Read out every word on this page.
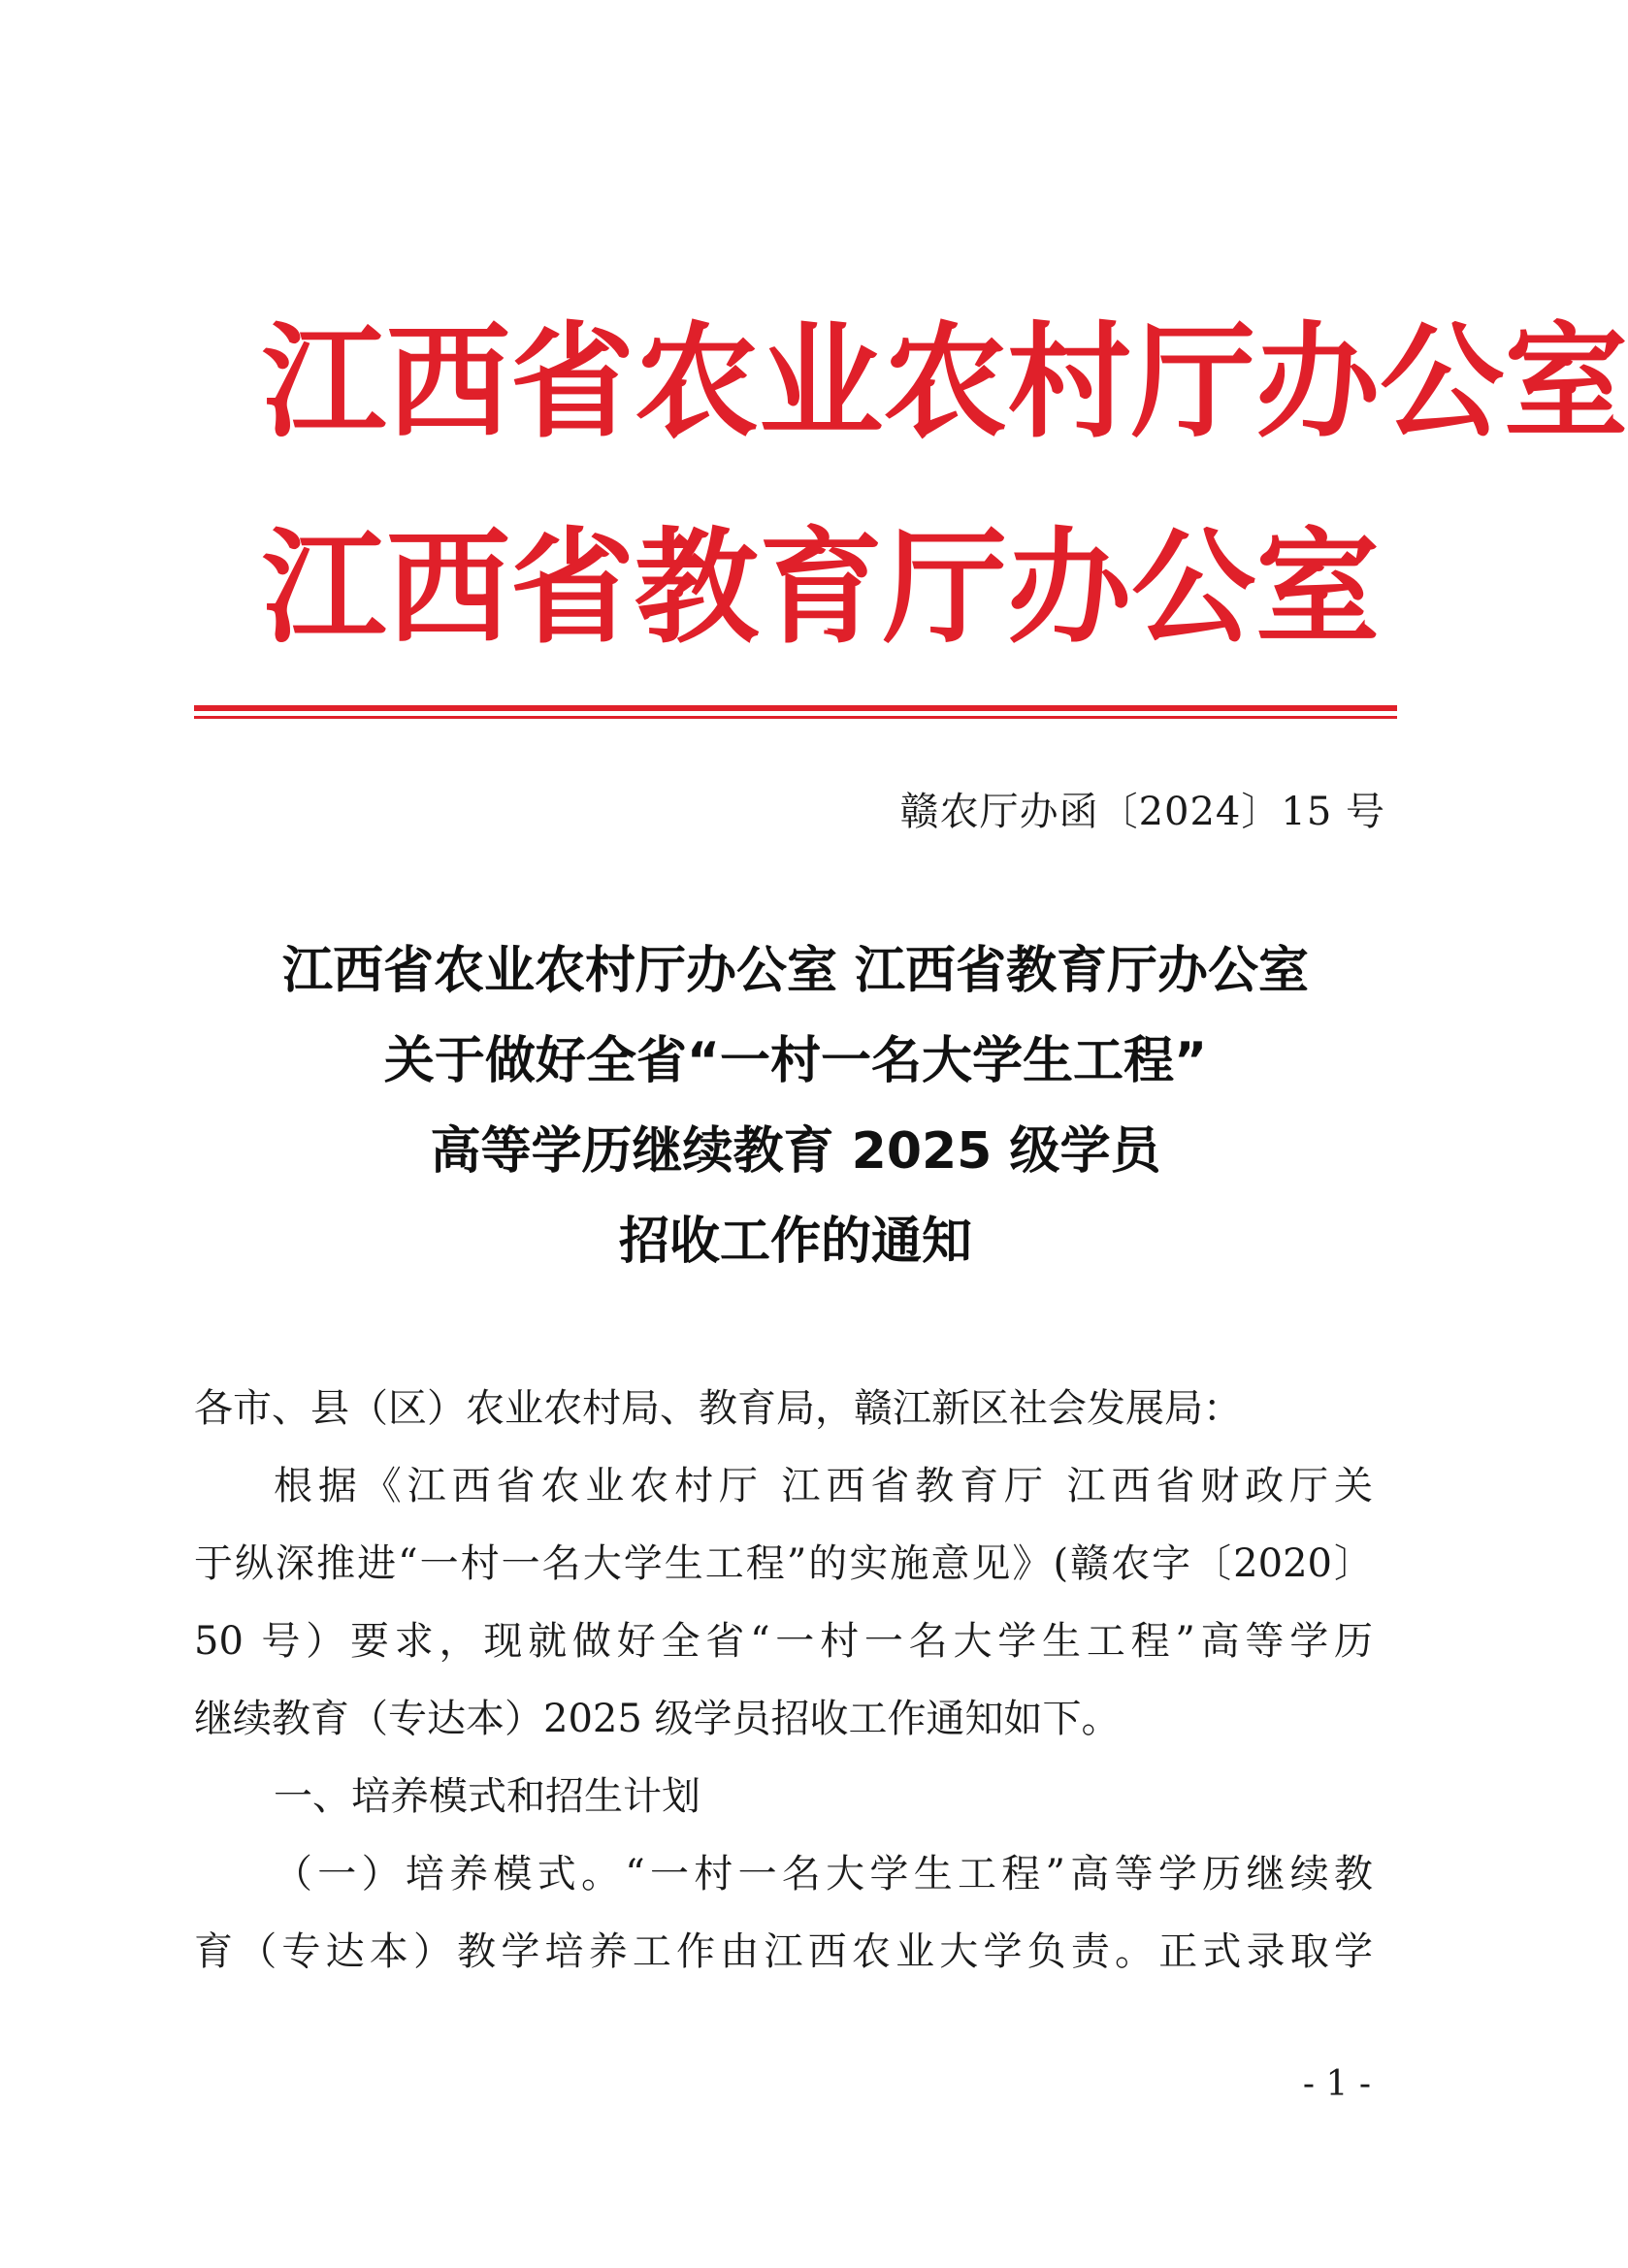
江 西 省 农 业 农 村 厅 办 公 室
江 西 省 教 育 厅 办 公 室
赣农厅办函〔2024〕15 号
江西省农业农村厅办公室 江西省教育厅办公室
关于做好全省“一村一名大学生工程”
高等学历继续教育 2025 级学员
招收工作的通知
各市、县（区）农业农村局、教育局，赣江新区社会发展局：
根据《江西省农业农村厅 江西省教育厅 江西省财政厅关
于纵深推进“一村一名大学生工程”的实施意见》(赣农字〔2020〕
50 号）要求，现就做好全省“一村一名大学生工程”高等学历
继续教育（专达本）2025 级学员招收工作通知如下。
一、培养模式和招生计划
（一）培养模式。“一村一名大学生工程”高等学历继续教
育（专达本）教学培养工作由江西农业大学负责。正式录取学
- 1 -
